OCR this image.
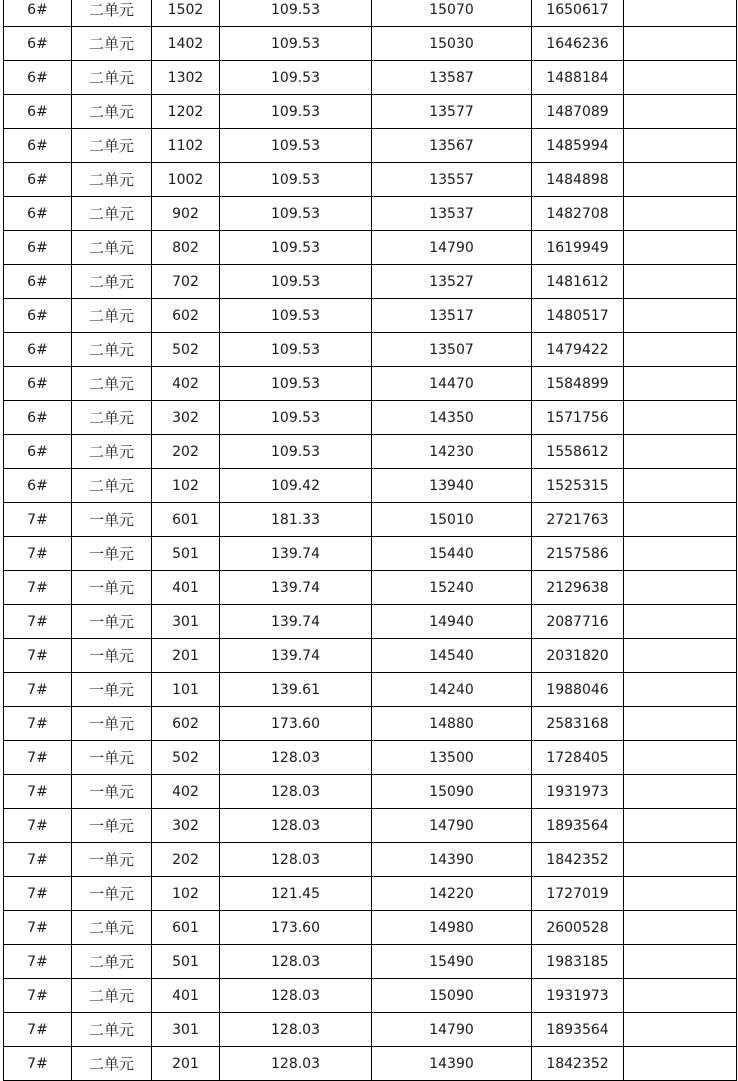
6#	二单元	1502	109.53	15070	1650617	
6#	二单元	1402	109.53	15030	1646236	
6#	二单元	1302	109.53	13587	1488184	
6#	二单元	1202	109.53	13577	1487089	
6#	二单元	1102	109.53	13567	1485994	
6#	二单元	1002	109.53	13557	1484898	
6#	二单元	902	109.53	13537	1482708	
6#	二单元	802	109.53	14790	1619949	
6#	二单元	702	109.53	13527	1481612	
6#	二单元	602	109.53	13517	1480517	
6#	二单元	502	109.53	13507	1479422	
6#	二单元	402	109.53	14470	1584899	
6#	二单元	302	109.53	14350	1571756	
6#	二单元	202	109.53	14230	1558612	
6#	二单元	102	109.42	13940	1525315	
7#	一单元	601	181.33	15010	2721763	
7#	一单元	501	139.74	15440	2157586	
7#	一单元	401	139.74	15240	2129638	
7#	一单元	301	139.74	14940	2087716	
7#	一单元	201	139.74	14540	2031820	
7#	一单元	101	139.61	14240	1988046	
7#	一单元	602	173.60	14880	2583168	
7#	一单元	502	128.03	13500	1728405	
7#	一单元	402	128.03	15090	1931973	
7#	一单元	302	128.03	14790	1893564	
7#	一单元	202	128.03	14390	1842352	
7#	一单元	102	121.45	14220	1727019	
7#	二单元	601	173.60	14980	2600528	
7#	二单元	501	128.03	15490	1983185	
7#	二单元	401	128.03	15090	1931973	
7#	二单元	301	128.03	14790	1893564	
7#	二单元	201	128.03	14390	1842352	
